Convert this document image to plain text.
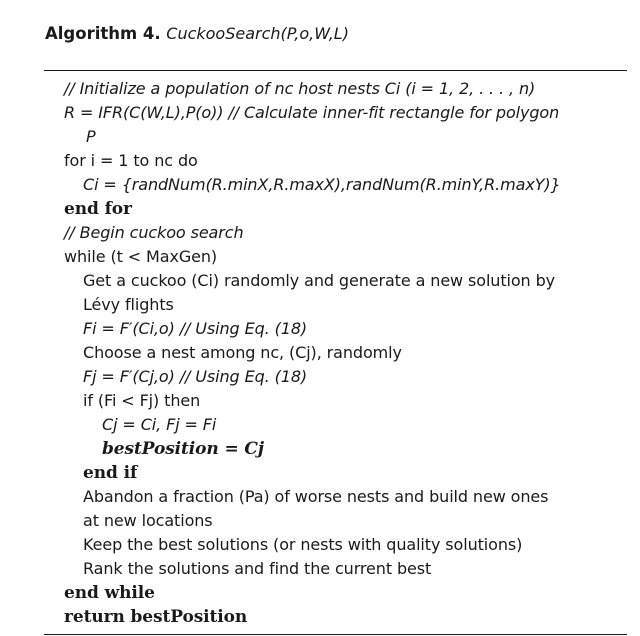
Algorithm 4. CuckooSearch(P,o,W,L)
// Initialize a population of nc host nests Ci (i = 1, 2, . . . , n)
R = IFR(C(W,L),P(o)) // Calculate inner-fit rectangle for polygon
P
for i = 1 to nc do
Ci = {randNum(R.minX,R.maxX),randNum(R.minY,R.maxY)}
end for
// Begin cuckoo search
while (t < MaxGen)
Get a cuckoo (Ci) randomly and generate a new solution by
Lévy flights
Fi = F′(Ci,o) // Using Eq. (18)
Choose a nest among nc, (Cj), randomly
Fj = F′(Cj,o) // Using Eq. (18)
if (Fi < Fj) then
Cj = Ci, Fj = Fi
bestPosition = Cj
end if
Abandon a fraction (Pa) of worse nests and build new ones
at new locations
Keep the best solutions (or nests with quality solutions)
Rank the solutions and find the current best
end while
return bestPosition
